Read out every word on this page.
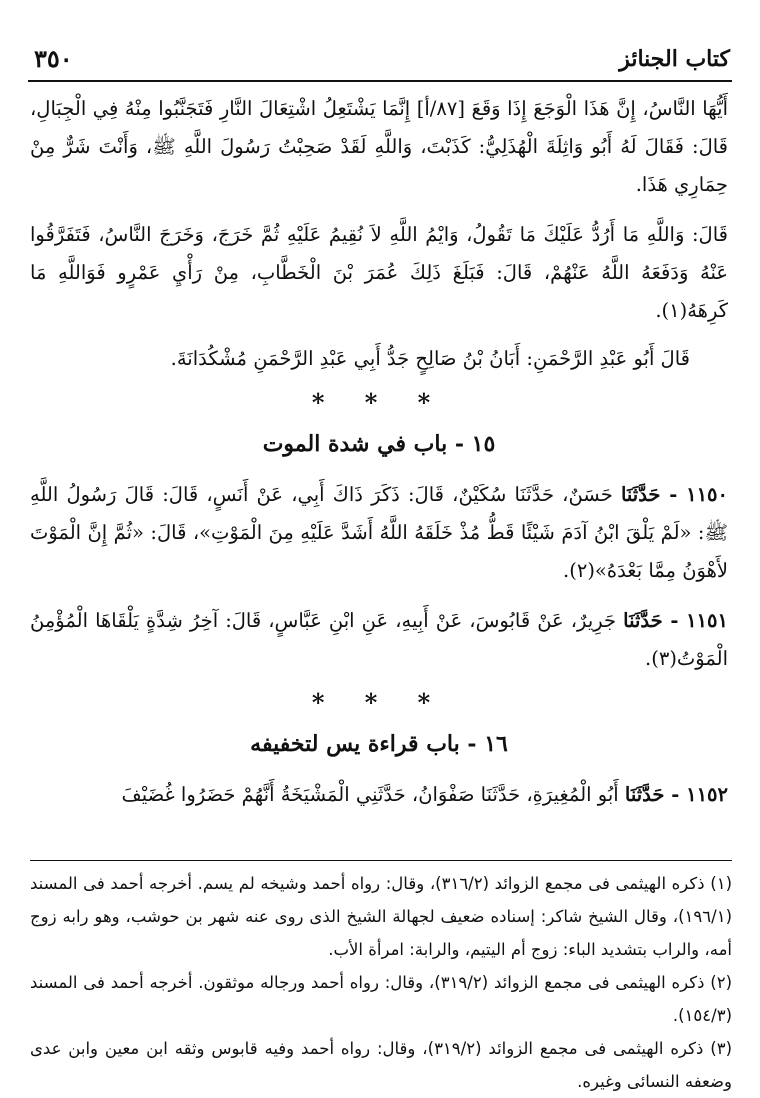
كتاب الجنائز
٣٥٠

أَيُّهَا النَّاسُ، إِنَّ هَذَا الْوَجَعَ إِذَا وَقَعَ [٨٧/أ] إِنَّمَا يَشْتَعِلُ اشْتِعَالَ النَّارِ فَتَجَنَّبُوا مِنْهُ فِي الْجِبَالِ، قَالَ: فَقَالَ لَهُ أَبُو وَاثِلَةَ الْهُذَلِيُّ: كَذَبْتَ، وَاللَّهِ لَقَدْ صَحِبْتُ رَسُولَ اللَّهِ ﷺ، وَأَنْتَ شَرٌّ مِنْ حِمَارِي هَذَا.

قَالَ: وَاللَّهِ مَا أَرُدُّ عَلَيْكَ مَا تَقُولُ، وَايْمُ اللَّهِ لاَ نُقِيمُ عَلَيْهِ ثُمَّ خَرَجَ، وَخَرَجَ النَّاسُ، فَتَفَرَّقُوا عَنْهُ وَدَفَعَهُ اللَّهُ عَنْهُمْ، قَالَ: فَبَلَغَ ذَلِكَ عُمَرَ بْنَ الْخَطَّابِ، مِنْ رَأْيِ عَمْرٍو فَوَاللَّهِ مَا كَرِهَهُ(١).

قَالَ أَبُو عَبْدِ الرَّحْمَنِ: أَبَانُ بْنُ صَالِحٍ جَدُّ أَبِي عَبْدِ الرَّحْمَنِ مُشْكُدَانَةَ.

* * *
١٥ - باب في شدة الموت

١١٥٠ - حَدَّثَنَا حَسَنٌ، حَدَّثَنَا سُكَيْنٌ، قَالَ: ذَكَرَ ذَاكَ أَبِي، عَنْ أَنَسٍ، قَالَ: قَالَ رَسُولُ اللَّهِ ﷺ: «لَمْ يَلْقَ ابْنُ آدَمَ شَيْئًا قَطُّ مُذْ خَلَقَهُ اللَّهُ أَشَدَّ عَلَيْهِ مِنَ الْمَوْتِ»، قَالَ: «ثُمَّ إِنَّ الْمَوْتَ لأَهْوَنُ مِمَّا بَعْدَهُ»(٢).

١١٥١ - حَدَّثَنَا جَرِيرٌ، عَنْ قَابُوسَ، عَنْ أَبِيهِ، عَنِ ابْنِ عَبَّاسٍ، قَالَ: آخِرُ شِدَّةٍ يَلْقَاهَا الْمُؤْمِنُ الْمَوْتُ(٣).

* * *
١٦ - باب قراءة يس لتخفيفه

١١٥٢ - حَدَّثَنَا أَبُو الْمُغِيرَةِ، حَدَّثَنَا صَفْوَانُ، حَدَّثَنِي الْمَشْيَخَةُ أَنَّهُمْ حَضَرُوا غُضَيْفَ

(١) ذكره الهيثمى فى مجمع الزوائد (٣١٦/٢)، وقال: رواه أحمد وشيخه لم يسم. أخرجه أحمد فى المسند (١٩٦/١)، وقال الشيخ شاكر: إسناده ضعيف لجهالة الشيخ الذى روى عنه شهر بن حوشب، وهو رابه زوج أمه، والراب بتشديد الباء: زوج أم اليتيم، والرابة: امرأة الأب.

(٢) ذكره الهيثمى فى مجمع الزوائد (٣١٩/٢)، وقال: رواه أحمد ورجاله موثقون. أخرجه أحمد فى المسند (١٥٤/٣).

(٣) ذكره الهيثمى فى مجمع الزوائد (٣١٩/٢)، وقال: رواه أحمد وفيه قابوس وثقه ابن معين وابن عدى وضعفه النسائى وغيره.
